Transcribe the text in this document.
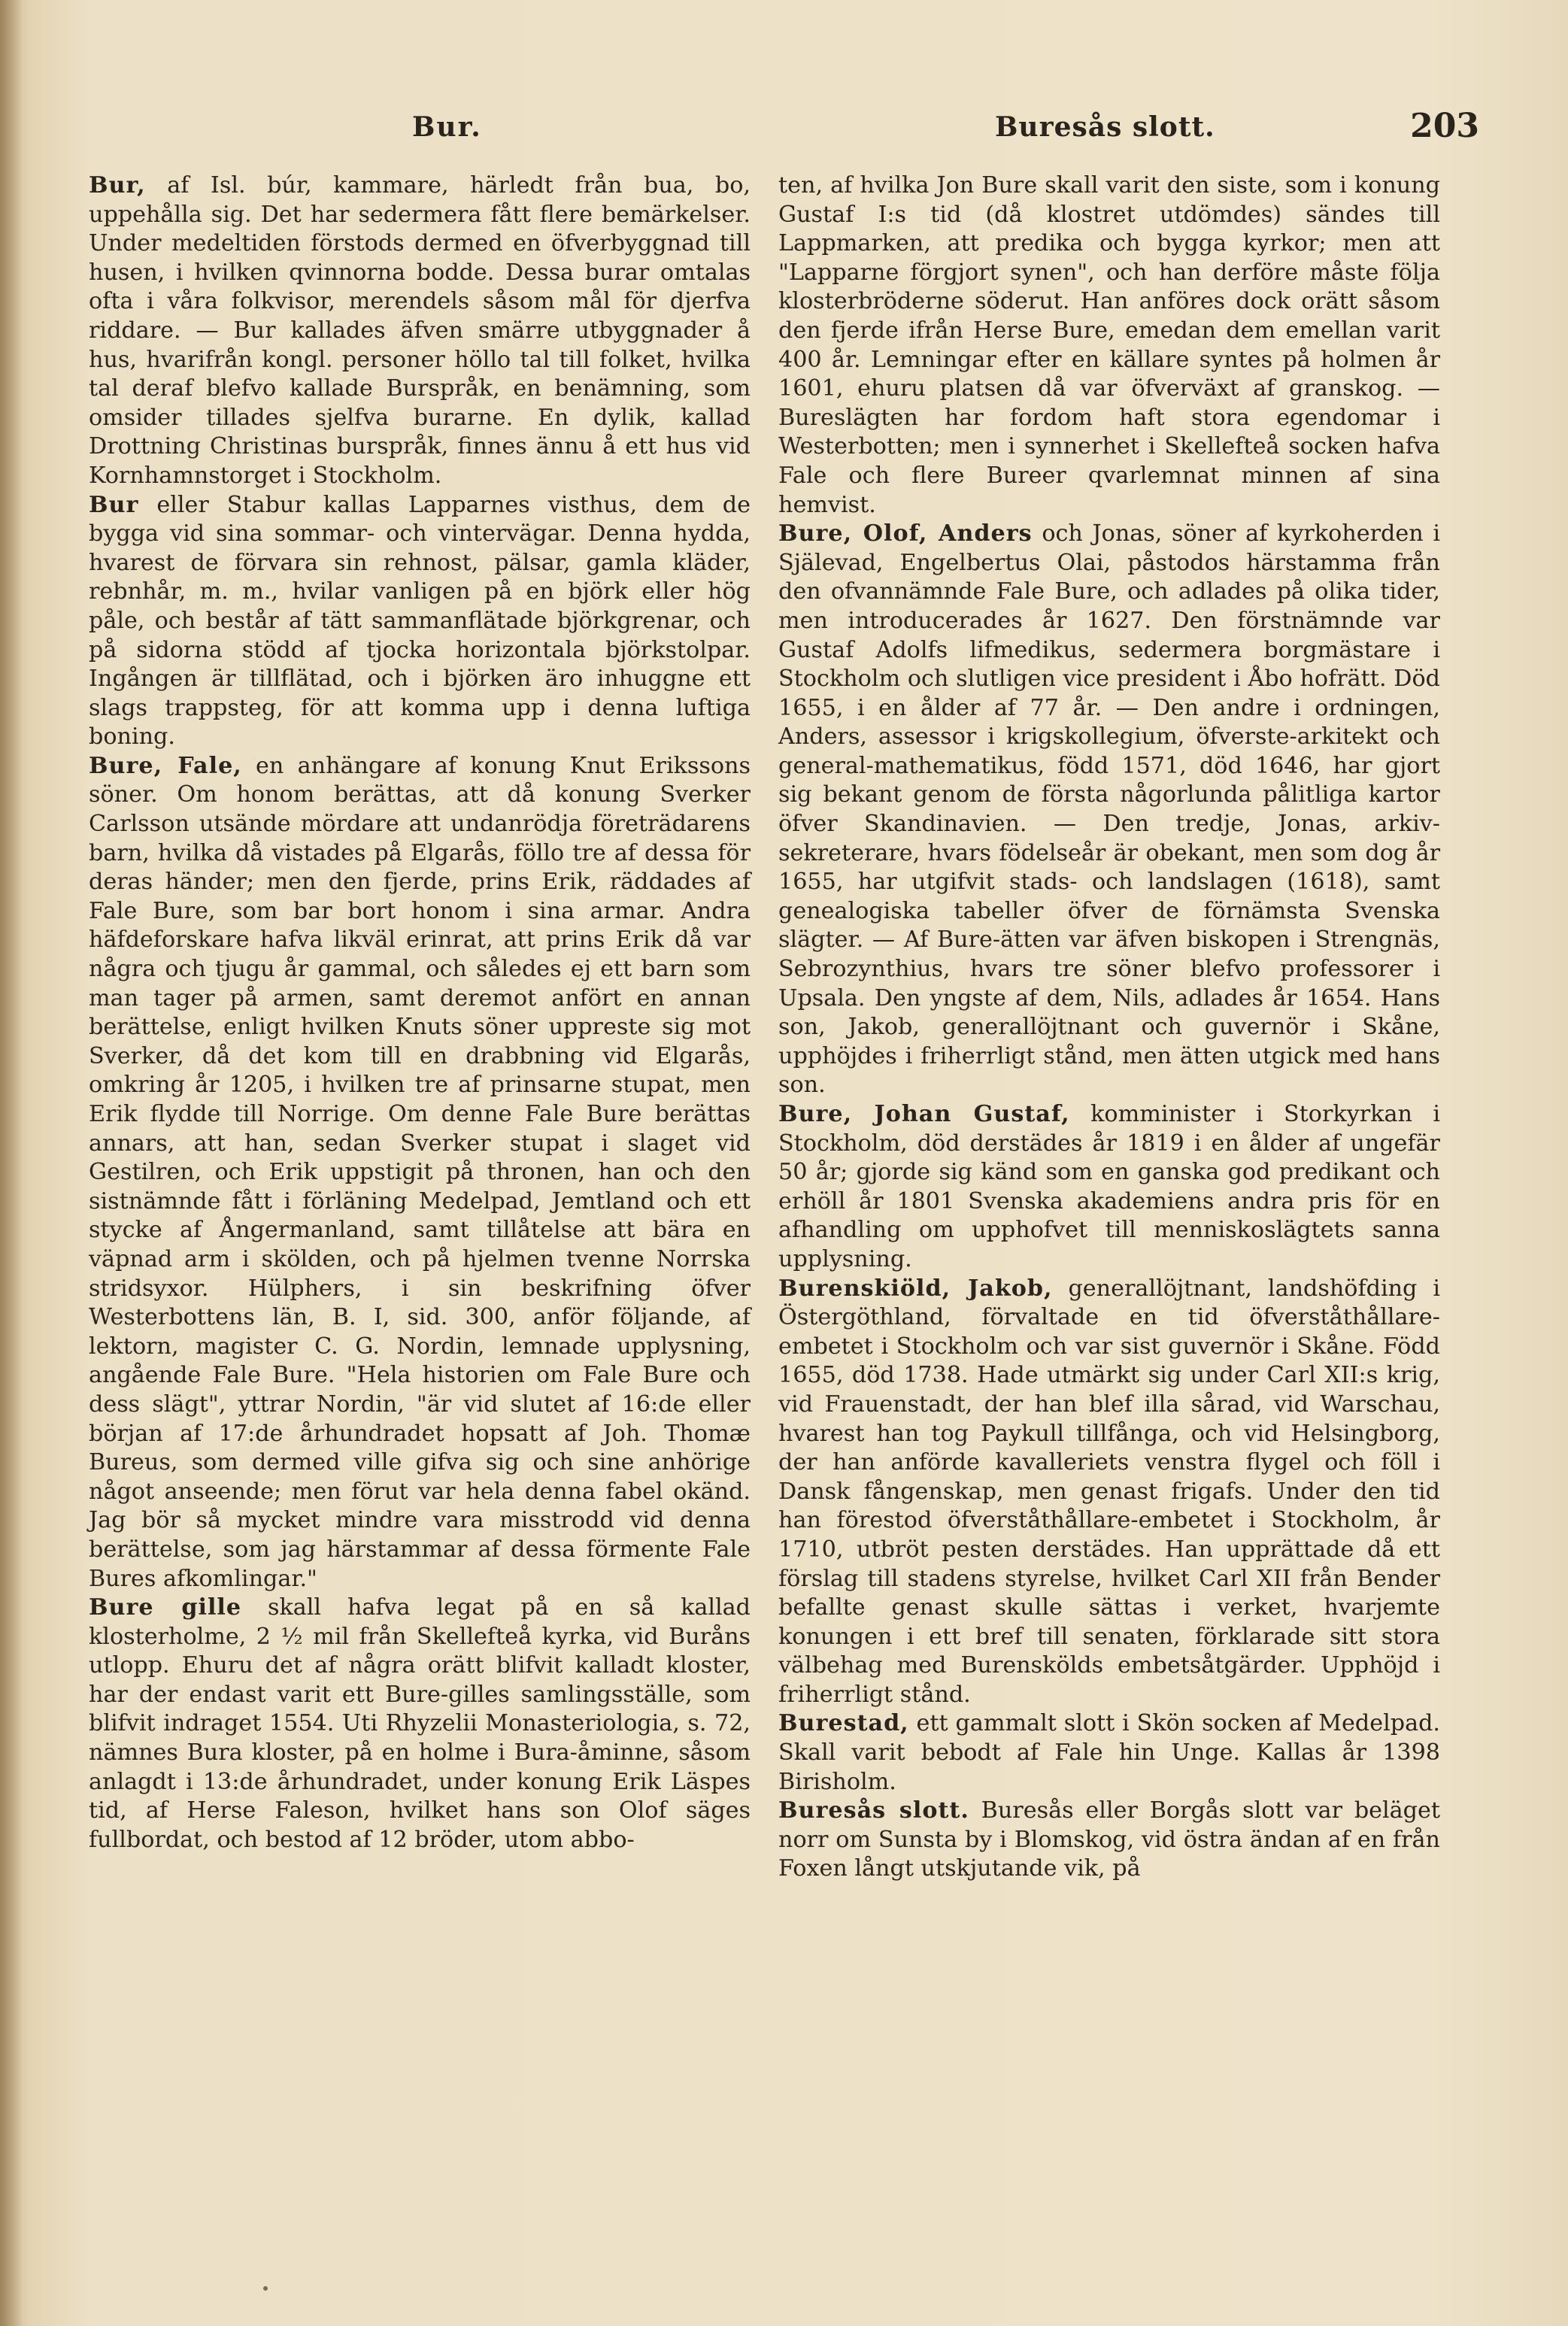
Bur.	Buresås slott.	203

Bur, af Isl. búr, kammare, härledt från bua, bo, uppehålla sig. Det har sedermera fått flere bemärkelser. Under medeltiden förstods dermed en öfverbyggnad till husen, i hvilken qvinnorna bodde. Dessa burar omtalas ofta i våra folkvisor, merendels såsom mål för djerfva riddare. — Bur kallades äfven smärre utbyggnader å hus, hvarifrån kongl. personer höllo tal till folket, hvilka tal deraf blefvo kallade Burspråk, en benämning, som omsider tillades sjelfva burarne. En dylik, kallad Drottning Christinas burspråk, finnes ännu å ett hus vid Kornhamnstorget i Stockholm.

Bur eller Stabur kallas Lapparnes visthus, dem de bygga vid sina sommar- och vintervägar. Denna hydda, hvarest de förvara sin rehnost, pälsar, gamla kläder, rebnhår, m. m., hvilar vanligen på en björk eller hög påle, och består af tätt sammanflätade björkgrenar, och på sidorna stödd af tjocka horizontala björkstolpar. Ingången är tillflätad, och i björken äro inhuggne ett slags trappsteg, för att komma upp i denna luftiga boning.

Bure, Fale, en anhängare af konung Knut Erikssons söner. Om honom berättas, att då konung Sverker Carlsson utsände mördare att undanrödja företrädarens barn, hvilka då vistades på Elgarås, föllo tre af dessa för deras händer; men den fjerde, prins Erik, räddades af Fale Bure, som bar bort honom i sina armar. Andra häfdeforskare hafva likväl erinrat, att prins Erik då var några och tjugu år gammal, och således ej ett barn som man tager på armen, samt deremot anfört en annan berättelse, enligt hvilken Knuts söner uppreste sig mot Sverker, då det kom till en drabbning vid Elgarås, omkring år 1205, i hvilken tre af prinsarne stupat, men Erik flydde till Norrige. Om denne Fale Bure berättas annars, att han, sedan Sverker stupat i slaget vid Gestilren, och Erik uppstigit på thronen, han och den sistnämnde fått i förläning Medelpad, Jemtland och ett stycke af Ångermanland, samt tillåtelse att bära en väpnad arm i skölden, och på hjelmen tvenne Norrska stridsyxor. Hülphers, i sin beskrifning öfver Westerbottens län, B. I, sid. 300, anför följande, af lektorn, magister C. G. Nordin, lemnade upplysning, angående Fale Bure. "Hela historien om Fale Bure och dess slägt", yttrar Nordin, "är vid slutet af 16:de eller början af 17:de århundradet hopsatt af Joh. Thomæ Bureus, som dermed ville gifva sig och sine anhörige något anseende; men förut var hela denna fabel okänd. Jag bör så mycket mindre vara misstrodd vid denna berättelse, som jag härstammar af dessa förmente Fale Bures afkomlingar."

Bure gille skall hafva legat på en så kallad klosterholme, 2 ½ mil från Skellefteå kyrka, vid Buråns utlopp. Ehuru det af några orätt blifvit kalladt kloster, har der endast varit ett Bure-gilles samlingsställe, som blifvit indraget 1554. Uti Rhyzelii Monasteriologia, s. 72, nämnes Bura kloster, på en holme i Bura-åminne, såsom anlagdt i 13:de århundradet, under konung Erik Läspes tid, af Herse Faleson, hvilket hans son Olof säges fullbordat, och bestod af 12 bröder, utom abbo-

ten, af hvilka Jon Bure skall varit den siste, som i konung Gustaf I:s tid (då klostret utdömdes) sändes till Lappmarken, att predika och bygga kyrkor; men att "Lapparne förgjort synen", och han derföre måste följa klosterbröderne söderut. Han anföres dock orätt såsom den fjerde ifrån Herse Bure, emedan dem emellan varit 400 år. Lemningar efter en källare syntes på holmen år 1601, ehuru platsen då var öfverväxt af granskog. — Bureslägten har fordom haft stora egendomar i Westerbotten; men i synnerhet i Skellefteå socken hafva Fale och flere Bureer qvarlemnat minnen af sina hemvist.

Bure, Olof, Anders och Jonas, söner af kyrkoherden i Själevad, Engelbertus Olai, påstodos härstamma från den ofvannämnde Fale Bure, och adlades på olika tider, men introducerades år 1627. Den förstnämnde var Gustaf Adolfs lifmedikus, sedermera borgmästare i Stockholm och slutligen vice president i Åbo hofrätt. Död 1655, i en ålder af 77 år. — Den andre i ordningen, Anders, assessor i krigskollegium, öfverste-arkitekt och general-mathematikus, född 1571, död 1646, har gjort sig bekant genom de första någorlunda pålitliga kartor öfver Skandinavien. — Den tredje, Jonas, arkiv-sekreterare, hvars födelseår är obekant, men som dog år 1655, har utgifvit stads- och landslagen (1618), samt genealogiska tabeller öfver de förnämsta Svenska slägter. — Af Bure-ätten var äfven biskopen i Strengnäs, Sebrozynthius, hvars tre söner blefvo professorer i Upsala. Den yngste af dem, Nils, adlades år 1654. Hans son, Jakob, generallöjtnant och guvernör i Skåne, upphöjdes i friherrligt stånd, men ätten utgick med hans son.

Bure, Johan Gustaf, komminister i Storkyrkan i Stockholm, död derstädes år 1819 i en ålder af ungefär 50 år; gjorde sig känd som en ganska god predikant och erhöll år 1801 Svenska akademiens andra pris för en afhandling om upphofvet till menniskoslägtets sanna upplysning.

Burenskiöld, Jakob, generallöjtnant, landshöfding i Östergöthland, förvaltade en tid öfverståthållare-embetet i Stockholm och var sist guvernör i Skåne. Född 1655, död 1738. Hade utmärkt sig under Carl XII:s krig, vid Frauenstadt, der han blef illa sårad, vid Warschau, hvarest han tog Paykull tillfånga, och vid Helsingborg, der han anförde kavalleriets venstra flygel och föll i Dansk fångenskap, men genast frigafs. Under den tid han förestod öfverståthållare-embetet i Stockholm, år 1710, utbröt pesten derstädes. Han upprättade då ett förslag till stadens styrelse, hvilket Carl XII från Bender befallte genast skulle sättas i verket, hvarjemte konungen i ett bref till senaten, förklarade sitt stora välbehag med Burenskölds embetsåtgärder. Upphöjd i friherrligt stånd.

Burestad, ett gammalt slott i Skön socken af Medelpad. Skall varit bebodt af Fale hin Unge. Kallas år 1398 Birisholm.

Buresås slott. Buresås eller Borgås slott var beläget norr om Sunsta by i Blomskog, vid östra ändan af en från Foxen långt utskjutande vik, på
